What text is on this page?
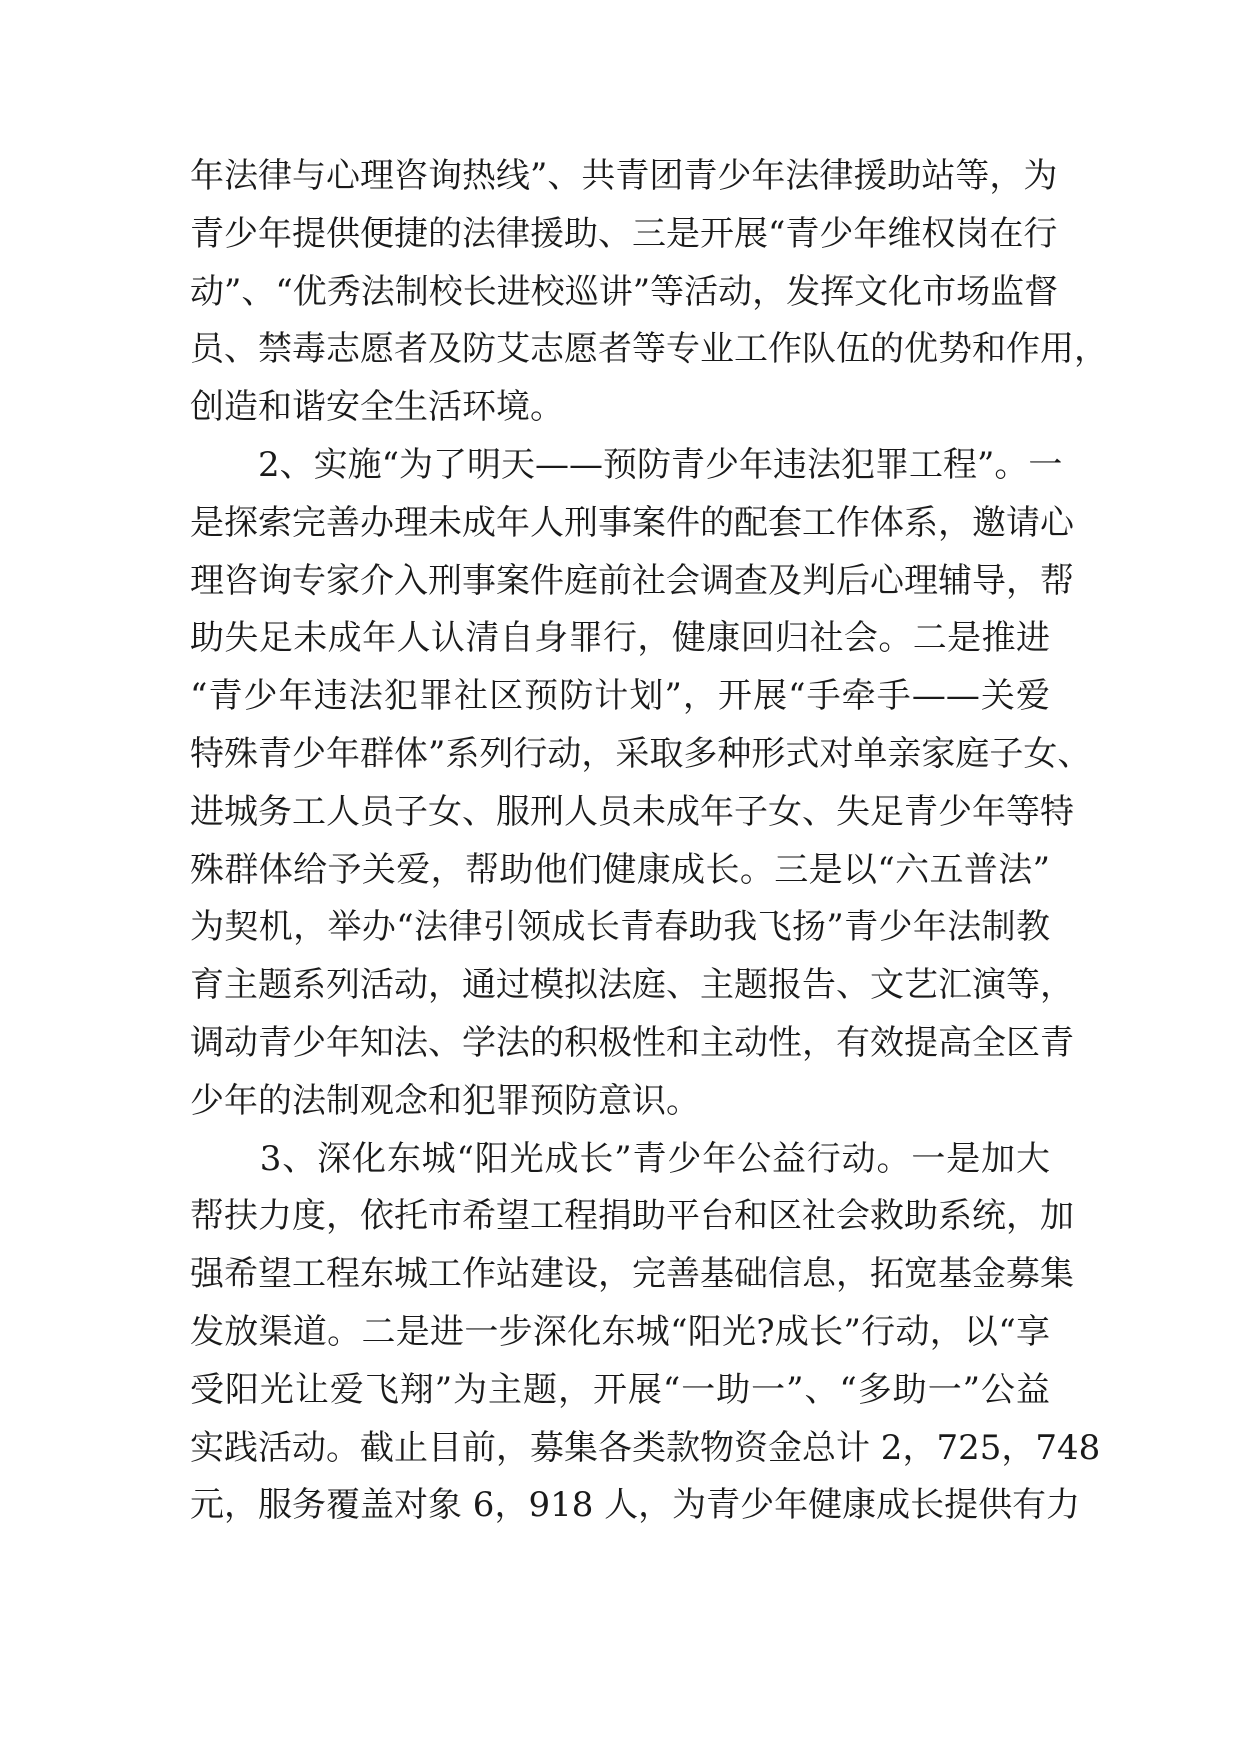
年法律与心理咨询热线”、共青团青少年法律援助站等，为
青少年提供便捷的法律援助、三是开展“青少年维权岗在行
动”、“优秀法制校长进校巡讲”等活动，发挥文化市场监督
员、禁毒志愿者及防艾志愿者等专业工作队伍的优势和作用，
创造和谐安全生活环境。
　　2、实施“为了明天——预防青少年违法犯罪工程”。一
是探索完善办理未成年人刑事案件的配套工作体系，邀请心
理咨询专家介入刑事案件庭前社会调查及判后心理辅导，帮
助失足未成年人认清自身罪行，健康回归社会。二是推进
“青少年违法犯罪社区预防计划”，开展“手牵手——关爱
特殊青少年群体”系列行动，采取多种形式对单亲家庭子女、
进城务工人员子女、服刑人员未成年子女、失足青少年等特
殊群体给予关爱，帮助他们健康成长。三是以“六五普法”
为契机，举办“法律引领成长青春助我飞扬”青少年法制教
育主题系列活动，通过模拟法庭、主题报告、文艺汇演等，
调动青少年知法、学法的积极性和主动性，有效提高全区青
少年的法制观念和犯罪预防意识。
　　3、深化东城“阳光成长”青少年公益行动。一是加大
帮扶力度，依托市希望工程捐助平台和区社会救助系统，加
强希望工程东城工作站建设，完善基础信息，拓宽基金募集
发放渠道。二是进一步深化东城“阳光?成长”行动，以“享
受阳光让爱飞翔”为主题，开展“一助一”、“多助一”公益
实践活动。截止目前，募集各类款物资金总计 2，725，748
元，服务覆盖对象 6，918 人，为青少年健康成长提供有力
